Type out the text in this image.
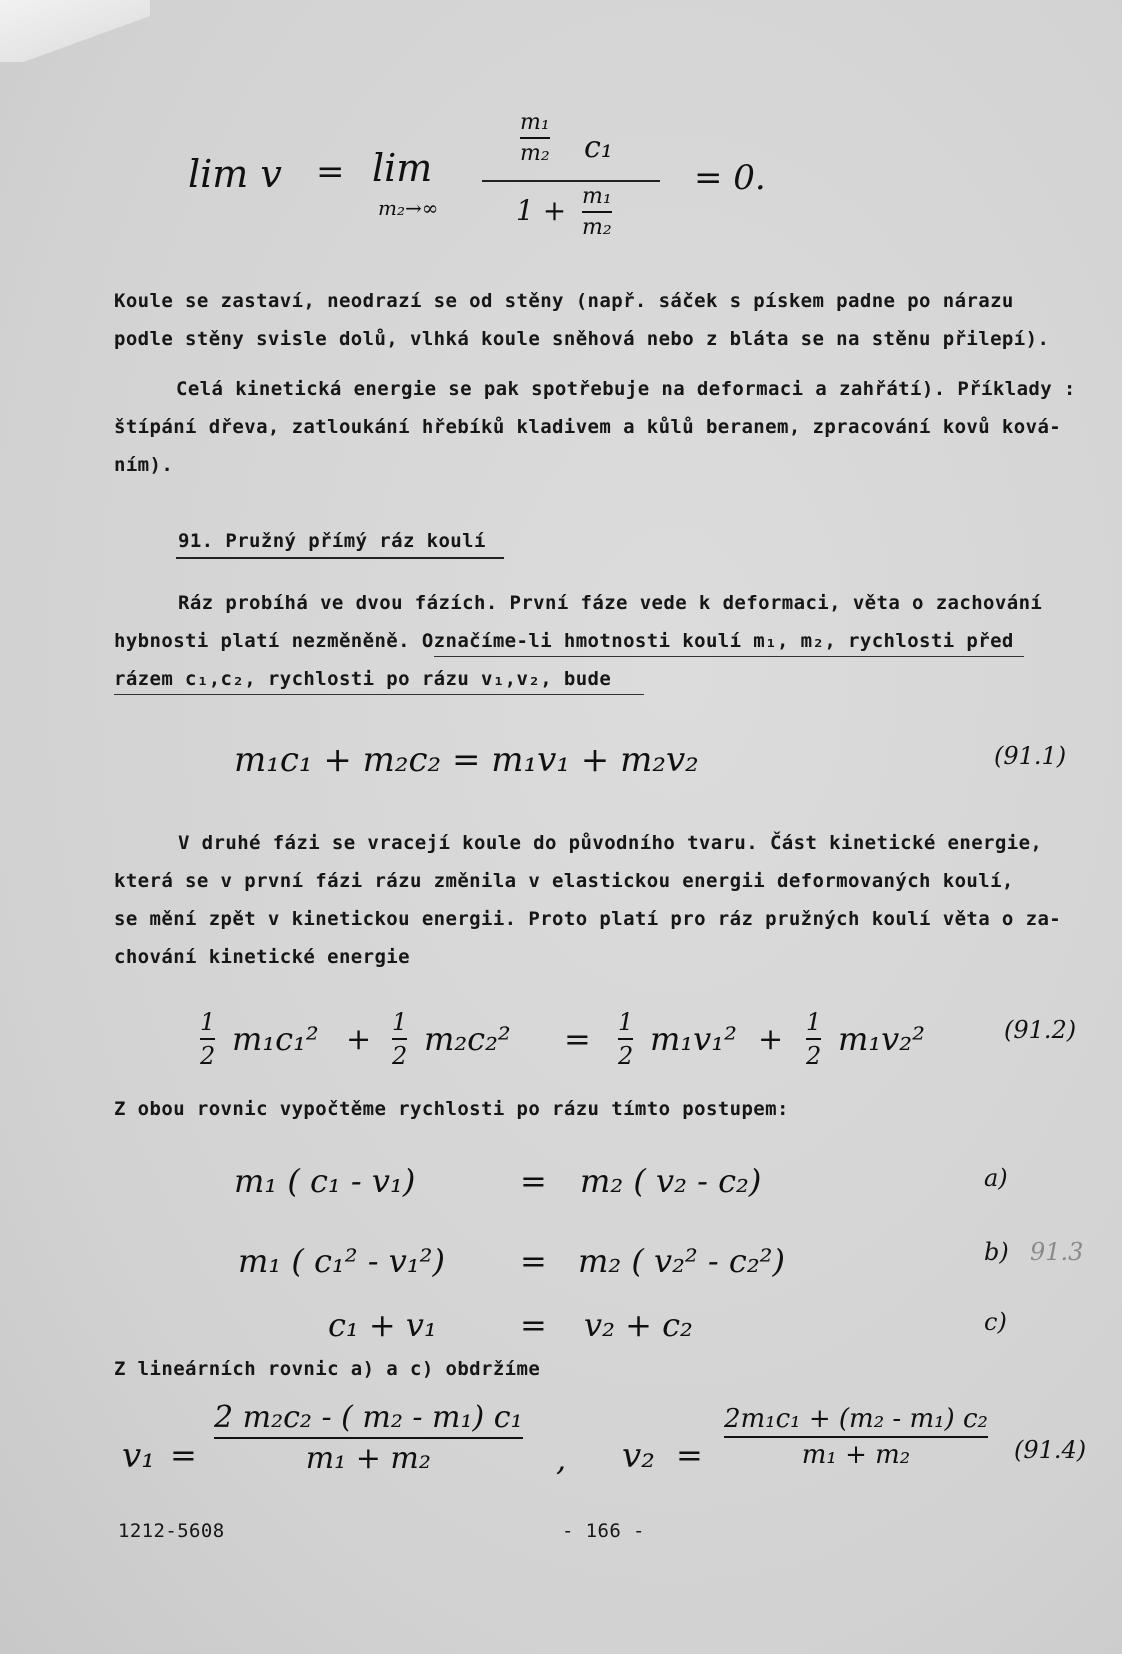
lim v = lim
m₂→∞
m₁
m₂ c₁
1 + m₁
m₂
= 0.
Koule se zastaví, neodrazí se od stěny (např. sáček s pískem padne po nárazu
podle stěny svisle dolů, vlhká koule sněhová nebo z bláta se na stěnu přilepí).
Celá kinetická energie se pak spotřebuje na deformaci a zahřátí). Příklady :
štípání dřeva, zatloukání hřebíků kladivem a kůlů beranem, zpracování kovů ková-
ním).
91. Pružný přímý ráz koulí
Ráz probíhá ve dvou fázích. První fáze vede k deformaci, věta o zachování
hybnosti platí nezměněně. Označíme-li hmotnosti koulí m₁, m₂, rychlosti před
rázem c₁,c₂, rychlosti po rázu v₁,v₂, bude
m₁c₁ + m₂c₂ = m₁v₁ + m₂v₂	(91.1)
V druhé fázi se vracejí koule do původního tvaru. Část kinetické energie,
která se v první fázi rázu změnila v elastickou energii deformovaných koulí,
se mění zpět v kinetickou energii. Proto platí pro ráz pružných koulí věta o za-
chování kinetické energie
1
2 m₁c₁² + 1
2 m₂c₂² = 1
2 m₁v₁² + 1
2 m₁v₂²	(91.2)
Z obou rovnic vypočtěme rychlosti po rázu tímto postupem:
m₁ ( c₁ - v₁)	= m₂ ( v₂ - c₂)	a)
m₁ ( c₁² - v₁²) = m₂ ( v₂² - c₂²)	b) 91.3
c₁ + v₁	= v₂ + c₂	c)
Z lineárních rovnic a) a c) obdržíme
v₁ =
2 m₂c₂ - ( m₂ - m₁) c₁
m₁ + m₂	, v₂ =
2m₁c₁ + (m₂ - m₁) c₂
m₁ + m₂	(91.4)
1212-5608	- 166 -
